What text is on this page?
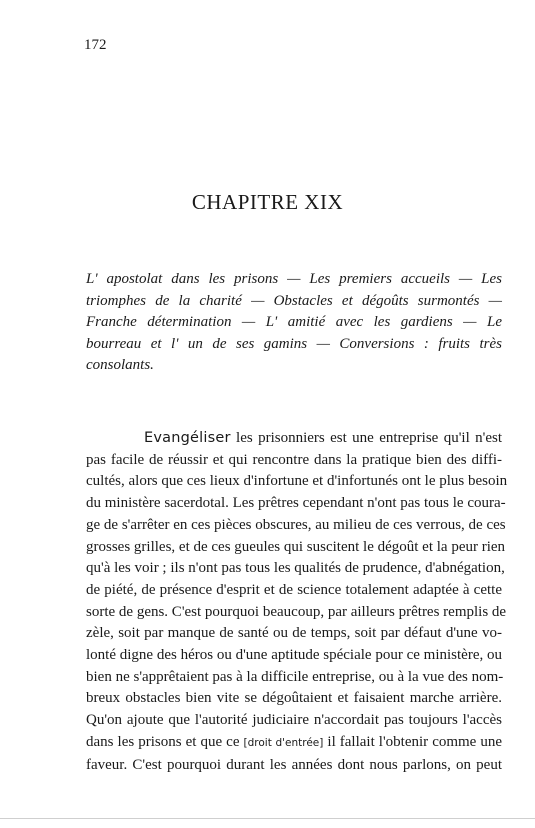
172
CHAPITRE XIX
L' apostolat dans les prisons — Les premiers accueils — Les
triomphes de la charité — Obstacles et dégoûts surmontés —
Franche détermination — L' amitié avec les gardiens — Le
bourreau et l' un de ses gamins — Conversions : fruits très
consolants.
Evangéliser les prisonniers est une entreprise qu'il n'est
pas facile de réussir et qui rencontre dans la pratique bien des diffi-
cultés, alors que ces lieux d'infortune et d'infortunés ont le plus besoin
du ministère sacerdotal. Les prêtres cependant n'ont pas tous le coura-
ge de s'arrêter en ces pièces obscures, au milieu de ces verrous, de ces
grosses grilles, et de ces gueules qui suscitent le dégoût et la peur rien
qu'à les voir ; ils n'ont pas tous les qualités de prudence, d'abnégation,
de piété, de présence d'esprit et de science totalement adaptée à cette
sorte de gens. C'est pourquoi beaucoup, par ailleurs prêtres remplis de
zèle, soit par manque de santé ou de temps, soit par défaut d'une vo-
lonté digne des héros ou d'une aptitude spéciale pour ce ministère, ou
bien ne s'apprêtaient pas à la difficile entreprise, ou à la vue des nom-
breux obstacles bien vite se dégoûtaient et faisaient marche arrière.
Qu'on ajoute que l'autorité judiciaire n'accordait pas toujours l'accès
dans les prisons et que ce [droit d'entrée] il fallait l'obtenir comme une
faveur. C'est pourquoi durant les années dont nous parlons, on peut
